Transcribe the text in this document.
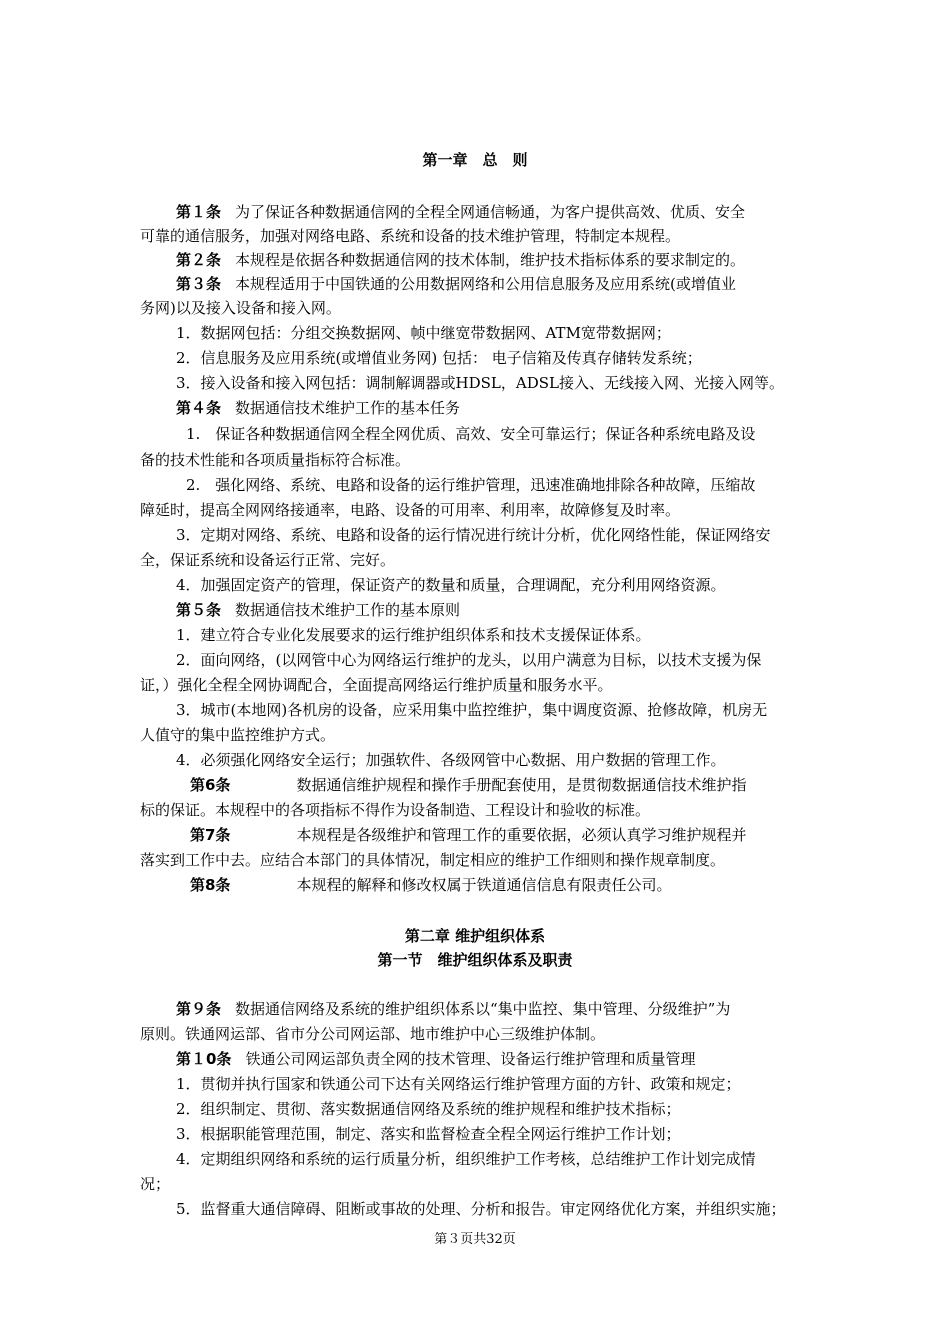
第一章　总　则
第１条 为了保证各种数据通信网的全程全网通信畅通，为客户提供高效、优质、安全
可靠的通信服务，加强对网络电路、系统和设备的技术维护管理，特制定本规程。
第２条 本规程是依据各种数据通信网的技术体制，维护技术指标体系的要求制定的。
第３条 本规程适用于中国铁通的公用数据网络和公用信息服务及应用系统(或增值业
务网)以及接入设备和接入网。
1．数据网包括：分组交换数据网、帧中继宽带数据网、ATM宽带数据网；
2．信息服务及应用系统(或增值业务网) 包括： 电子信箱及传真存储转发系统；
3．接入设备和接入网包括：调制解调器或HDSL，ADSL接入、无线接入网、光接入网等。
第４条 数据通信技术维护工作的基本任务
1.　保证各种数据通信网全程全网优质、高效、安全可靠运行；保证各种系统电路及设
备的技术性能和各项质量指标符合标准。
2.　强化网络、系统、电路和设备的运行维护管理，迅速准确地排除各种故障，压缩故
障延时，提高全网网络接通率，电路、设备的可用率、利用率，故障修复及时率。
3．定期对网络、系统、电路和设备的运行情况进行统计分析，优化网络性能，保证网络安
全，保证系统和设备运行正常、完好。
4．加强固定资产的管理，保证资产的数量和质量，合理调配，充分利用网络资源。
第５条 数据通信技术维护工作的基本原则
1．建立符合专业化发展要求的运行维护组织体系和技术支援保证体系。
2．面向网络，(以网管中心为网络运行维护的龙头，以用户满意为目标，以技术支援为保
证，）强化全程全网协调配合，全面提高网络运行维护质量和服务水平。
3．城市(本地网)各机房的设备，应采用集中监控维护，集中调度资源、抢修故障，机房无
人值守的集中监控维护方式。
4．必须强化网络安全运行；加强软件、各级网管中心数据、用户数据的管理工作。
第6条	数据通信维护规程和操作手册配套使用，是贯彻数据通信技术维护指
标的保证。本规程中的各项指标不得作为设备制造、工程设计和验收的标准。
第7条	本规程是各级维护和管理工作的重要依据，必须认真学习维护规程并
落实到工作中去。应结合本部门的具体情况，制定相应的维护工作细则和操作规章制度。
第8条	本规程的解释和修改权属于铁道通信信息有限责任公司。
第二章 维护组织体系
第一节　维护组织体系及职责
第９条 数据通信网络及系统的维护组织体系以“集中监控、集中管理、分级维护”为
原则。铁通网运部、省市分公司网运部、地市维护中心三级维护体制。
第１0条 铁通公司网运部负责全网的技术管理、设备运行维护管理和质量管理
1．贯彻并执行国家和铁通公司下达有关网络运行维护管理方面的方针、政策和规定；
2．组织制定、贯彻、落实数据通信网络及系统的维护规程和维护技术指标；
3．根据职能管理范围，制定、落实和监督检查全程全网运行维护工作计划；
4．定期组织网络和系统的运行质量分析，组织维护工作考核，总结维护工作计划完成情
况；
5．监督重大通信障碍、阻断或事故的处理、分析和报告。审定网络优化方案，并组织实施；
第３页共32页
